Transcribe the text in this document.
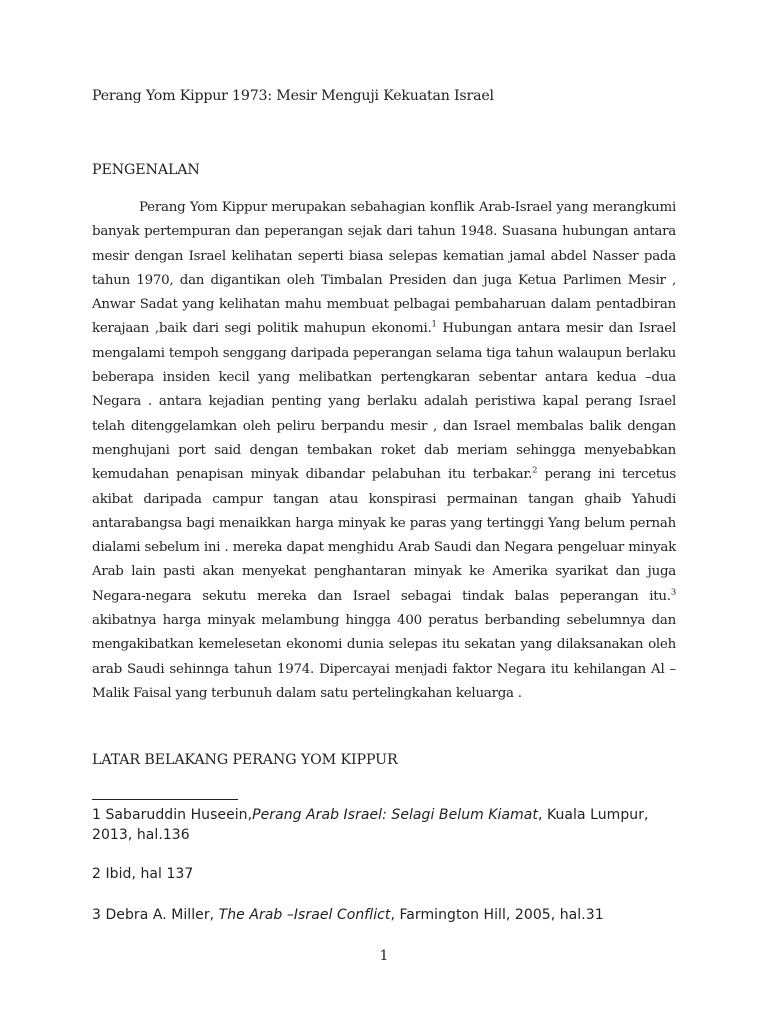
Perang Yom Kippur 1973: Mesir Menguji Kekuatan Israel
PENGENALAN

Perang Yom Kippur merupakan sebahagian konflik Arab-Israel yang merangkumi banyak pertempuran dan peperangan sejak dari tahun 1948. Suasana hubungan antara mesir dengan Israel kelihatan seperti biasa selepas kematian jamal abdel Nasser pada tahun 1970, dan digantikan oleh Timbalan Presiden dan juga Ketua Parlimen Mesir , Anwar Sadat yang kelihatan mahu membuat pelbagai pembaharuan dalam pentadbiran kerajaan ,baik dari segi politik mahupun ekonomi.$^1$ Hubungan antara mesir dan Israel mengalami tempoh senggang daripada peperangan selama tiga tahun walaupun berlaku beberapa insiden kecil yang melibatkan pertengkaran sebentar antara kedua –dua Negara . antara kejadian penting yang berlaku adalah peristiwa kapal perang Israel telah ditenggelamkan oleh peliru berpandu mesir , dan Israel membalas balik dengan menghujani port said dengan tembakan roket dab meriam sehingga menyebabkan kemudahan penapisan minyak dibandar pelabuhan itu terbakar.$^2$ perang ini tercetus akibat daripada campur tangan atau konspirasi permainan tangan ghaib Yahudi antarabangsa bagi menaikkan harga minyak ke paras yang tertinggi Yang belum pernah dialami sebelum ini . mereka dapat menghidu Arab Saudi dan Negara pengeluar minyak Arab lain pasti akan menyekat penghantaran minyak ke Amerika syarikat dan juga Negara-negara sekutu mereka dan Israel sebagai tindak balas peperangan itu.$^3$ akibatnya harga minyak melambung hingga 400 peratus berbanding sebelumnya dan mengakibatkan kemelesetan ekonomi dunia selepas itu sekatan yang dilaksanakan oleh arab Saudi sehinnga tahun 1974. Dipercayai menjadi faktor Negara itu kehilangan Al –Malik Faisal yang terbunuh dalam satu pertelingkahan keluarga .

LATAR BELAKANG PERANG YOM KIPPUR
1 Sabaruddin Huseein,Perang Arab Israel: Selagi Belum Kiamat, Kuala Lumpur, 2013, hal.136
2 Ibid, hal 137
3 Debra A. Miller, The Arab –Israel Conflict, Farmington Hill, 2005, hal.31
1
